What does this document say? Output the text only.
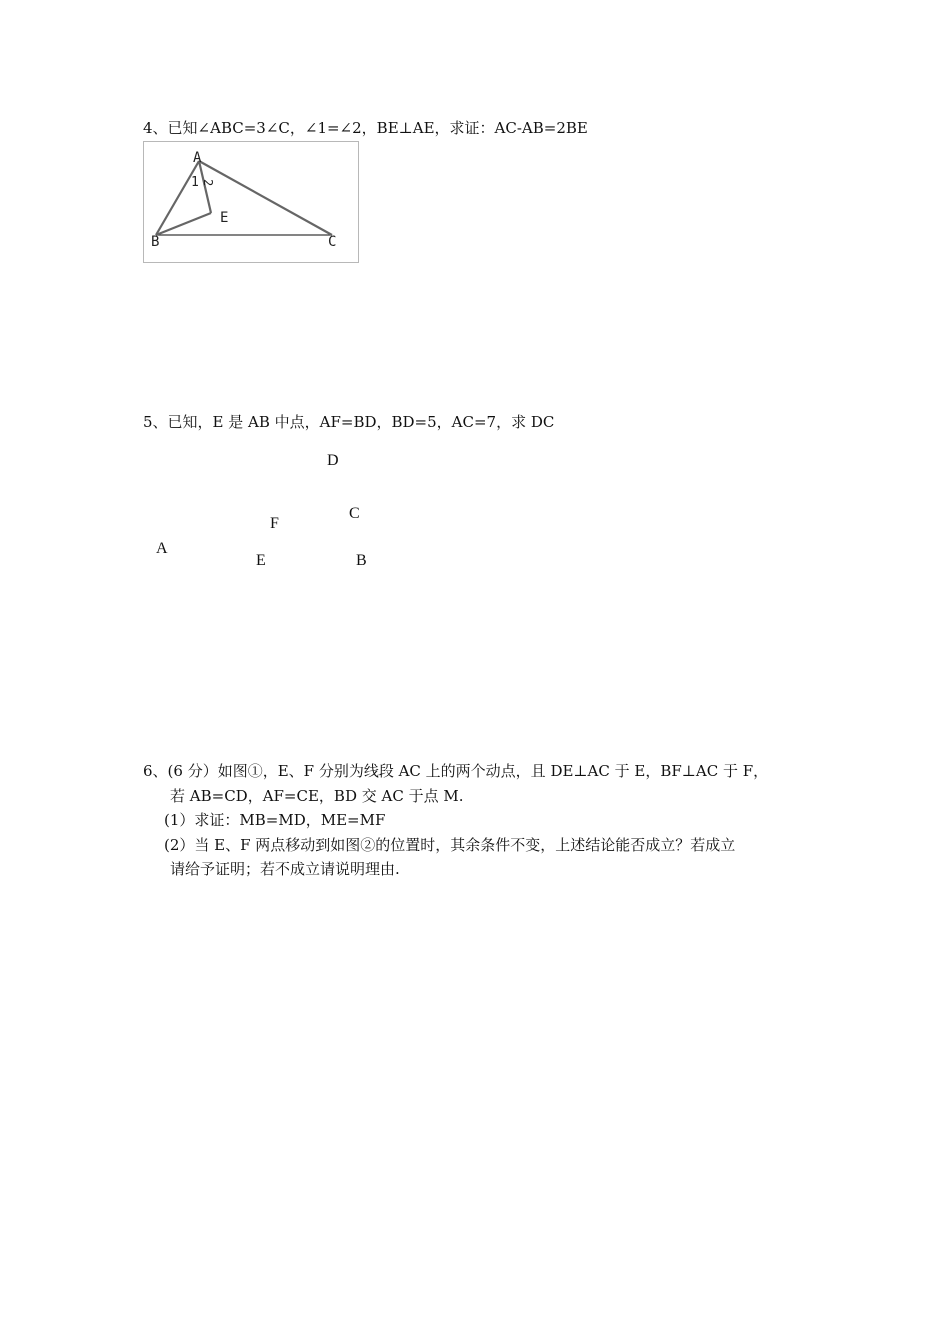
4、已知∠ABC=3∠C，∠1=∠2，BE⊥AE，求证：AC-AB=2BE
A
B	C
E
1 2
5、已知，E 是 AB 中点，AF=BD，BD=5，AC=7，求 DC
D
C
F
A
E	B
6、(6 分）如图①，E、F 分别为线段 AC 上的两个动点，且 DE⊥AC 于 E，BF⊥AC 于 F，
若 AB=CD，AF=CE，BD 交 AC 于点 M.
(1）求证：MB=MD，ME=MF
(2）当 E、F 两点移动到如图②的位置时，其余条件不变，上述结论能否成立？若成立
请给予证明；若不成立请说明理由.
